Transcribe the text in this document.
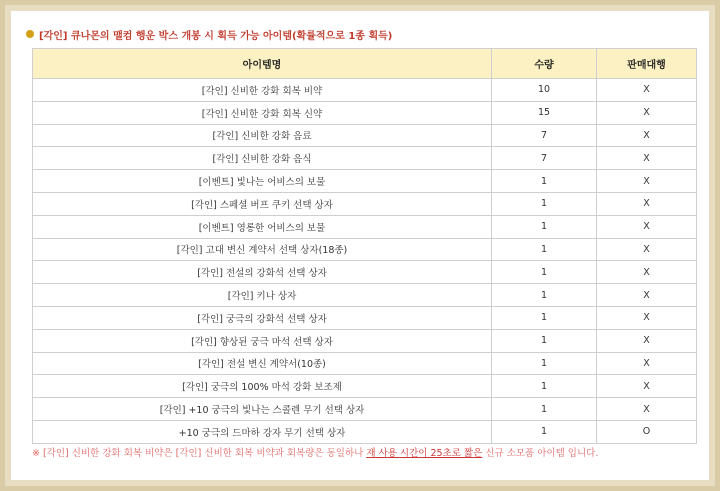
[각인] 큐나몬의 맬컴 행운 박스 개봉 시 획득 가능 아이템(확률적으로 1종 획득)
아이템명	수량	판매대행
[각인] 신비한 강화 회복 비약	10	X
[각인] 신비한 강화 회복 신약	15	X
[각인] 신비한 강화 음료	7	X
[각인] 신비한 강화 음식	7	X
[이벤트] 빛나는 어비스의 보물	1	X
[각인] 스페셜 버프 쿠키 선택 상자	1	X
[이벤트] 영롱한 어비스의 보물	1	X
[각인] 고대 변신 계약서 선택 상자(18종)	1	X
[각인] 전설의 강화석 선택 상자	1	X
[각인] 키나 상자	1	X
[각인] 궁극의 강화석 선택 상자	1	X
[각인] 향상된 궁극 마석 선택 상자	1	X
[각인] 전설 변신 계약서(10종)	1	X
[각인] 궁극의 100% 마석 강화 보조제	1	X
[각인] +10 궁극의 빛나는 스콜렌 무기 선택 상자	1	X
+10 궁극의 드마하 강자 무기 선택 상자	1	O
※ [각인] 신비한 강화 회복 비약은 [각인] 신비한 회복 비약과 회복량은 동일하나 재 사용 시간이 25초로 짧은 신규 소모품 아이템 입니다.
